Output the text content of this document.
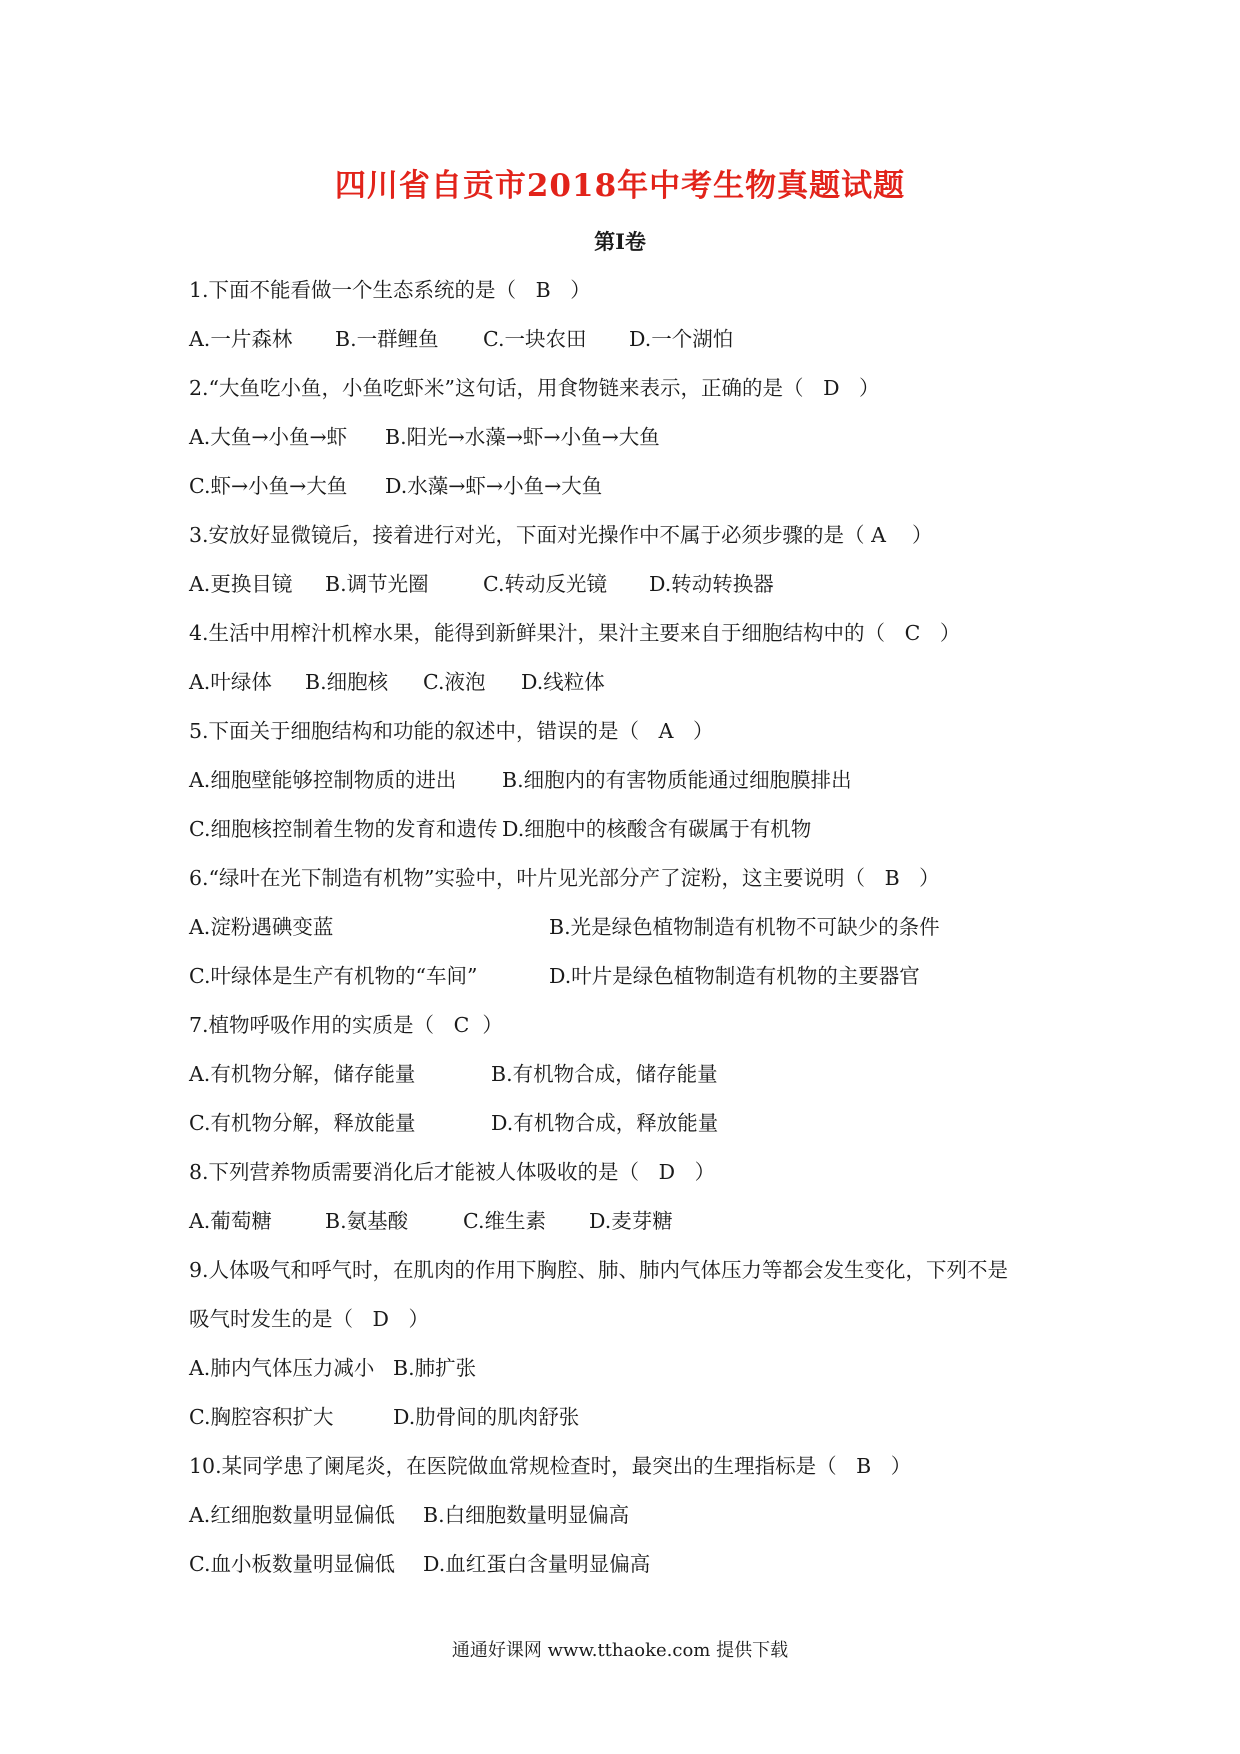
四川省自贡市2018年中考生物真题试题
第Ⅰ卷
1.下面不能看做一个生态系统的是（   B   ）

A.一片森林

B.一群鲤鱼

C.一块农田

D.一个湖怕

2.“大鱼吃小鱼，小鱼吃虾米”这句话，用食物链来表示，正确的是（   D   ）

A.大鱼→小鱼→虾

B.阳光→水藻→虾→小鱼→大鱼

C.虾→小鱼→大鱼

D.水藻→虾→小鱼→大鱼

3.安放好显微镜后，接着进行对光，下面对光操作中不属于必须步骤的是（ A    ）

A.更换目镜

B.调节光圈

	C.转动反光镜

D.转动转换器

4.生活中用榨汁机榨水果，能得到新鲜果汁，果汁主要来自于细胞结构中的（   C   ）

A.叶绿体

B.细胞核

C.液泡

D.线粒体

5.下面关于细胞结构和功能的叙述中，错误的是（   A   ）

A.细胞壁能够控制物质的进出

B.细胞内的有害物质能通过细胞膜排出

C.细胞核控制着生物的发育和遗传

D.细胞中的核酸含有碳属于有机物

6.“绿叶在光下制造有机物”实验中，叶片见光部分产了淀粉，这主要说明（   B   ）

A.淀粉遇碘变蓝

	B.光是绿色植物制造有机物不可缺少的条件

C.叶绿体是生产有机物的“车间”

	D.叶片是绿色植物制造有机物的主要器官

7.植物呼吸作用的实质是（   C  ）

A.有机物分解，储存能量

	B.有机物合成，储存能量

C.有机物分解，释放能量

	D.有机物合成，释放能量

8.下列营养物质需要消化后才能被人体吸收的是（   D   ）

A.葡萄糖

	B.氨基酸

	C.维生素

D.麦芽糖

9.人体吸气和呼气时，在肌肉的作用下胸腔、肺、肺内气体压力等都会发生变化，下列不是
吸气时发生的是（   D   ）

A.肺内气体压力减小

B.肺扩张

C.胸腔容积扩大

	D.肋骨间的肌肉舒张

10.某同学患了阑尾炎，在医院做血常规检查时，最突出的生理指标是（   B   ）

A.红细胞数量明显偏低

B.白细胞数量明显偏高

C.血小板数量明显偏低

D.血红蛋白含量明显偏高

通通好课网 www.tthaoke.com 提供下载
